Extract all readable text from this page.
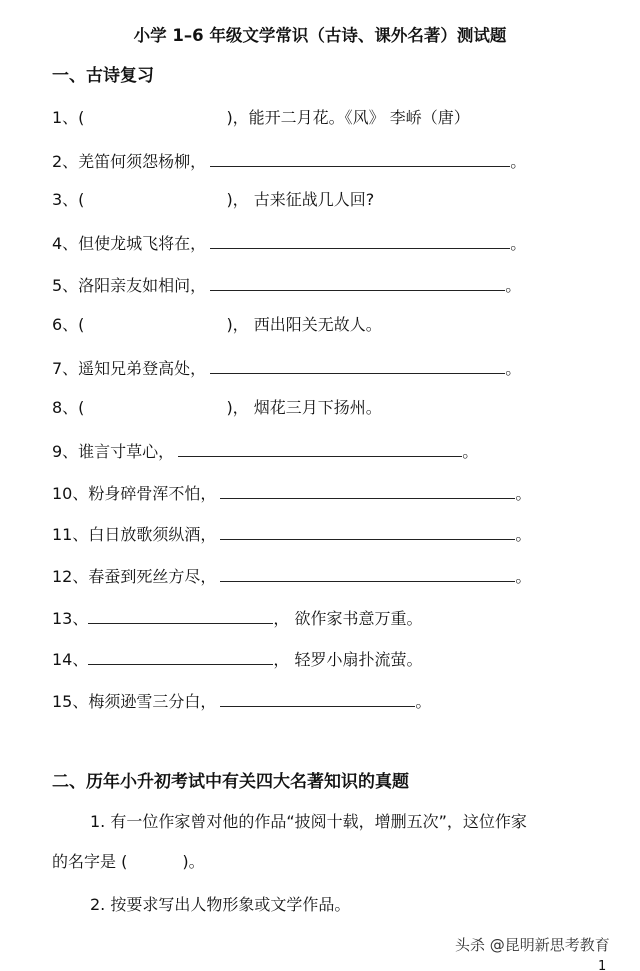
小学 1–6 年级文学常识（古诗、课外名著）测试题
一、古诗复习
1、(	)，能开二月花。《风》 李峤（唐）
2、羌笛何须怨杨柳，	。
3、(	)， 古来征战几人回?
4、但使龙城飞将在，	。
5、洛阳亲友如相问，	。
6、(	)， 西出阳关无故人。
7、遥知兄弟登高处，	。
8、(	)， 烟花三月下扬州。
9、谁言寸草心，	。
10、粉身碎骨浑不怕，	。
11、白日放歌须纵酒，	。
12、春蚕到死丝方尽，	。
13、	， 欲作家书意万重。
14、	， 轻罗小扇扑流萤。
15、梅须逊雪三分白，	。
二、历年小升初考试中有关四大名著知识的真题
1. 有一位作家曾对他的作品“披阅十载，增删五次”，这位作家
的名字是 (	)。
2. 按要求写出人物形象或文学作品。
头杀 @昆明新思考教育
1
